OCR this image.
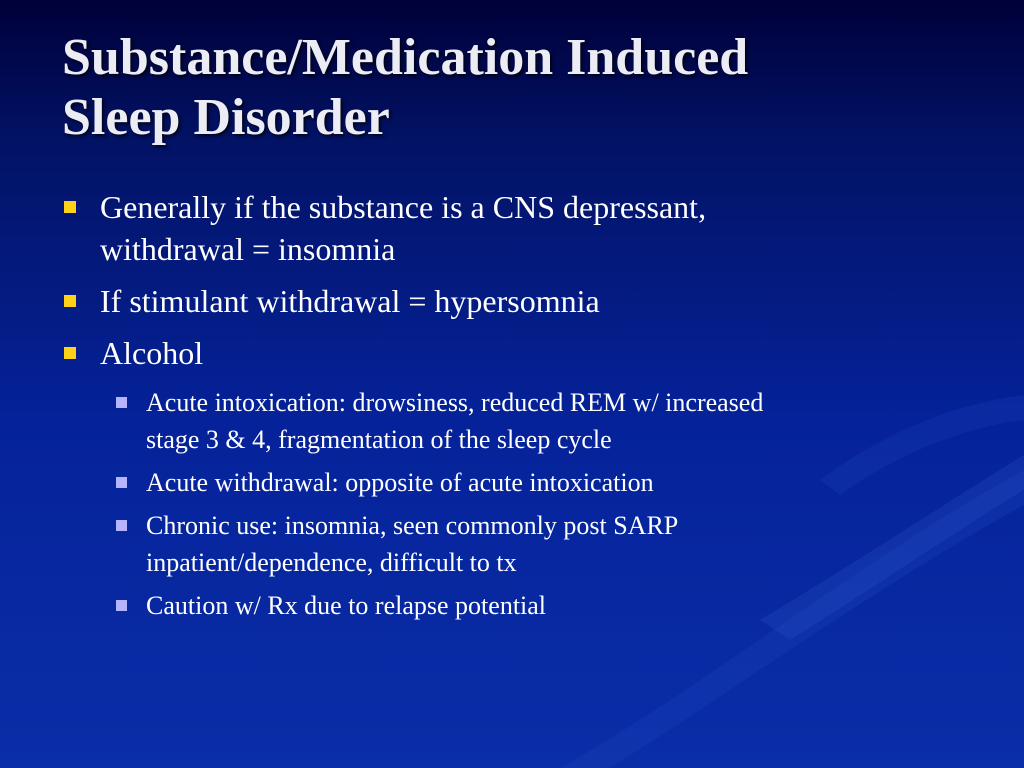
Substance/Medication Induced
Sleep Disorder
Generally if the substance is a CNS depressant,
withdrawal = insomnia
If stimulant withdrawal = hypersomnia
Alcohol
Acute intoxication: drowsiness, reduced REM w/ increased
stage 3 & 4, fragmentation of the sleep cycle
Acute withdrawal: opposite of acute intoxication
Chronic use: insomnia, seen commonly post SARP
inpatient/dependence, difficult to tx
Caution w/ Rx due to relapse potential
